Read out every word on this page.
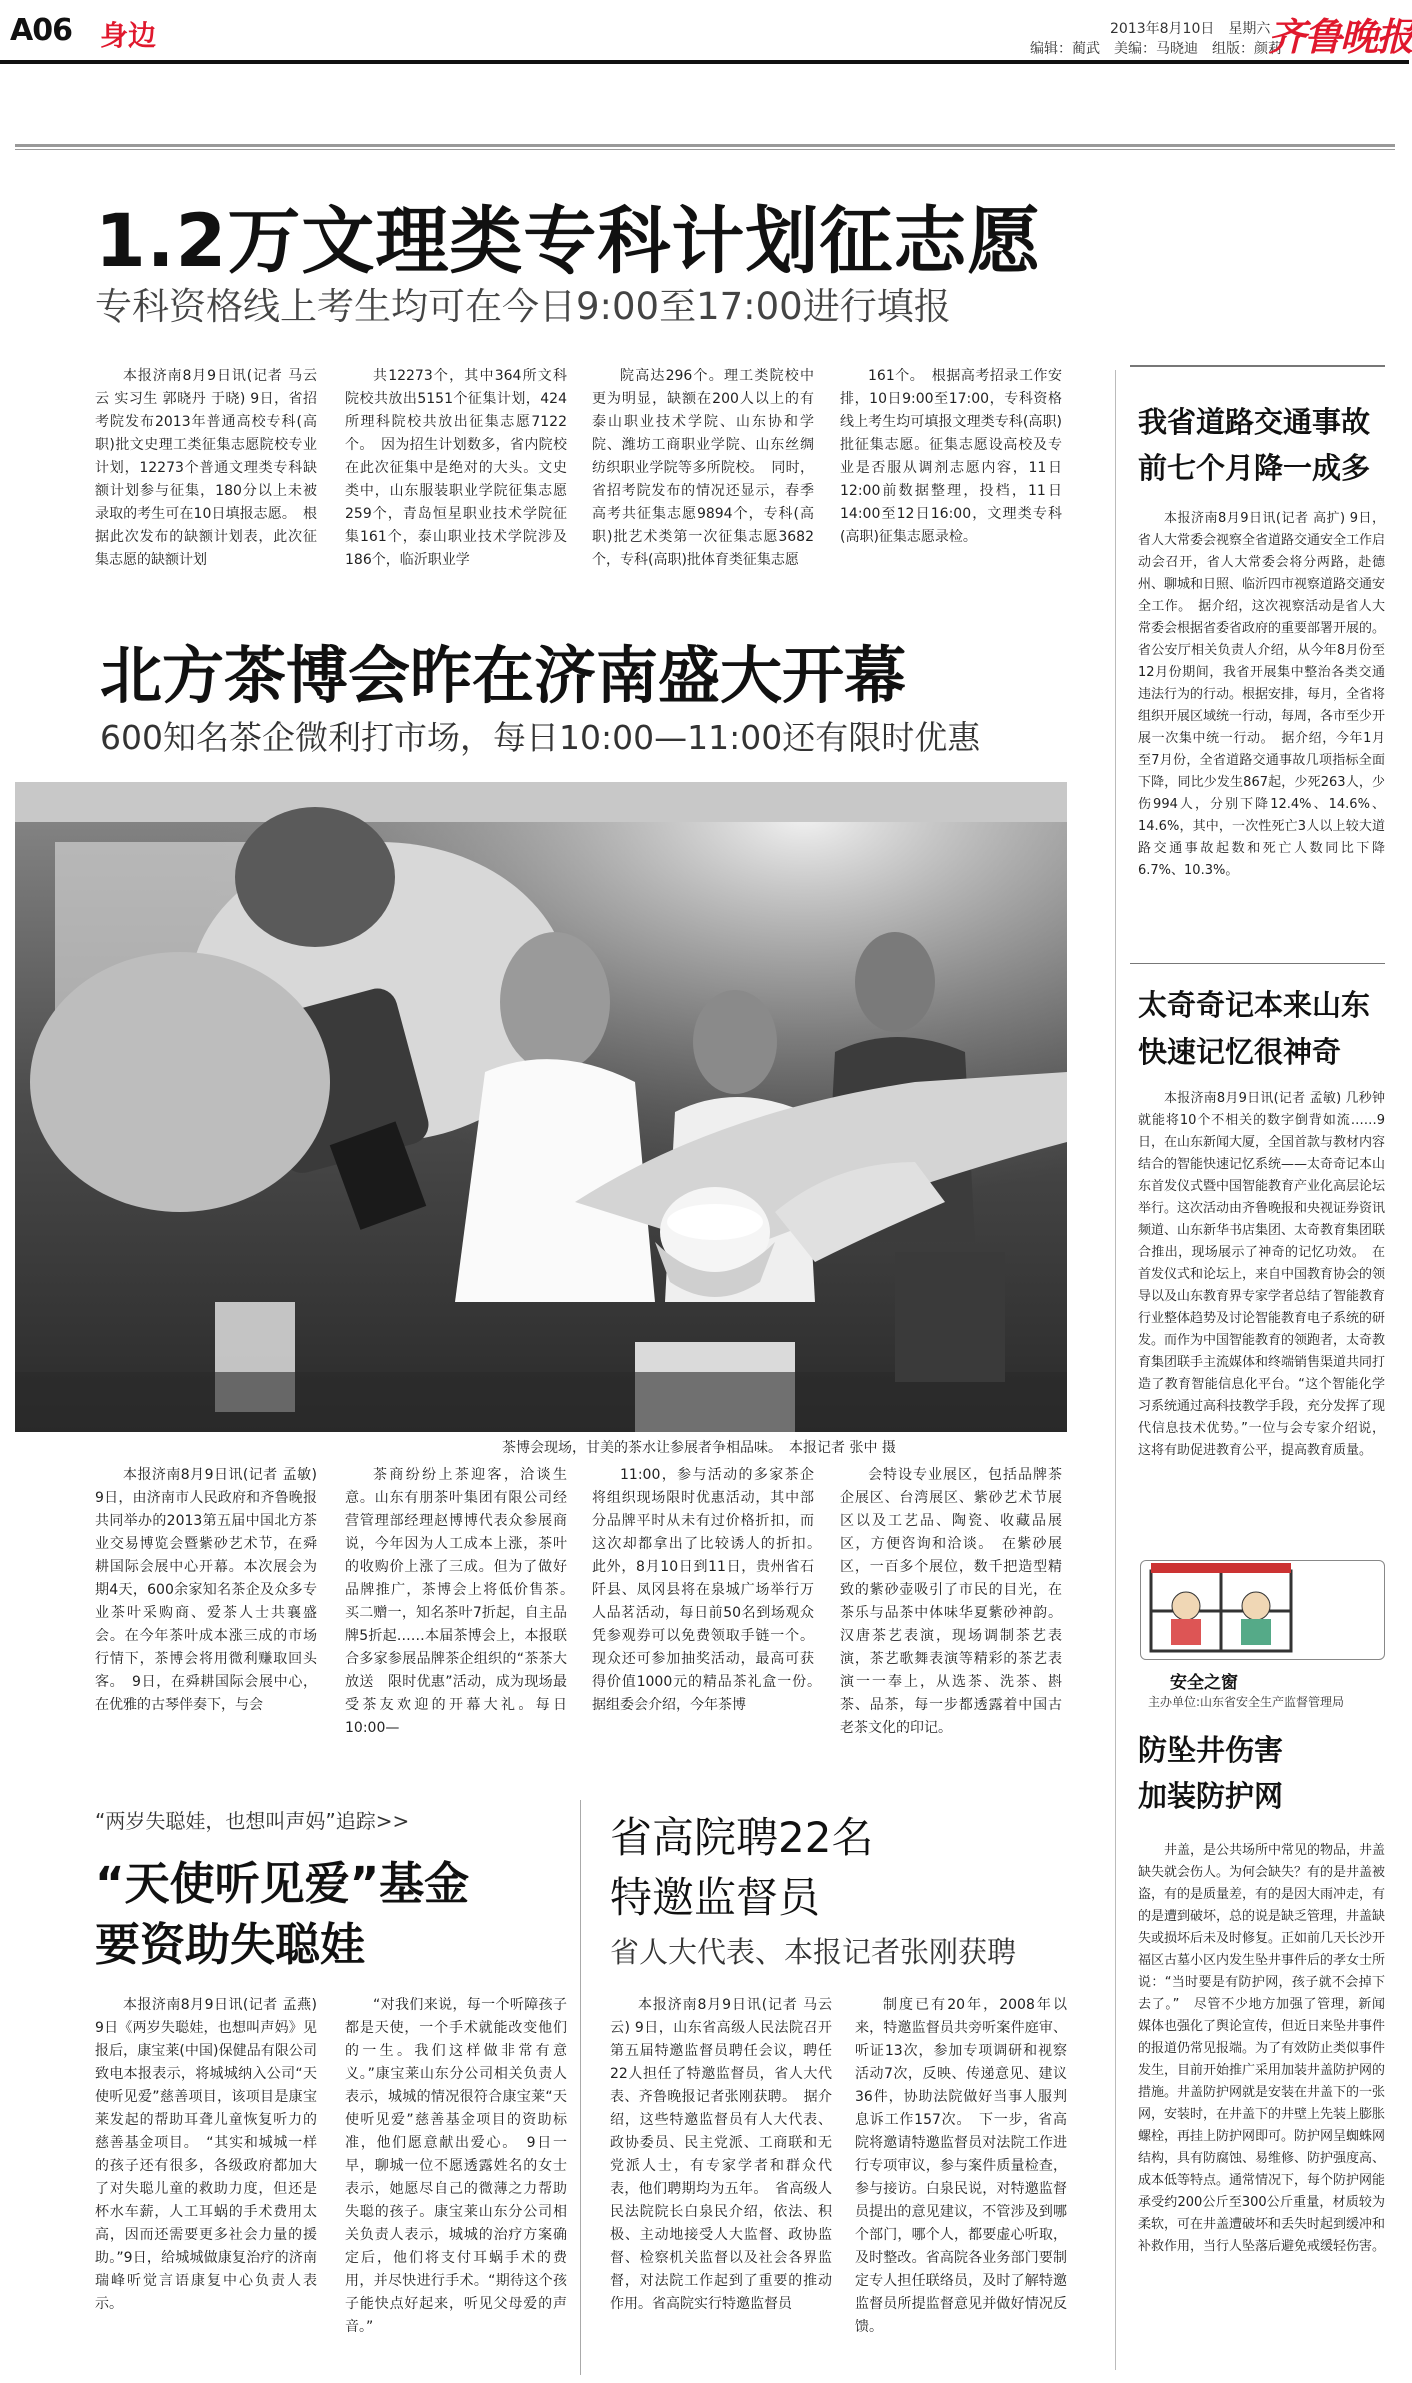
A06 身边	2013年8月10日　 星期六
编辑：蔺武　美编：马晓迪　组版：颜莉
齐鲁晚报
1.2万文理类专科计划征志愿
专科资格线上考生均可在今日9:00至17:00进行填报
本报济南8月9日讯(记者 马云云 实习生 郭晓丹 于晓) 9日，省招考院发布2013年普通高校专科(高职)批文史理工类征集志愿院校专业计划，12273个普通文理类专科缺额计划参与征集，180分以上未被录取的考生可在10日填报志愿。　根据此次发布的缺额计划表，此次征集志愿的缺额计划
共12273个，其中364所文科院校共放出5151个征集计划，424所理科院校共放出征集志愿7122个。　因为招生计划数多，省内院校在此次征集中是绝对的大头。文史类中，山东服装职业学院征集志愿259个，青岛恒星职业技术学院征集161个，泰山职业技术学院涉及186个，临沂职业学
院高达296个。理工类院校中更为明显，缺额在200人以上的有泰山职业技术学院、山东协和学院、潍坊工商职业学院、山东丝绸纺织职业学院等多所院校。　同时，省招考院发布的情况还显示，春季高考共征集志愿9894个，专科(高职)批艺术类第一次征集志愿3682个，专科(高职)批体育类征集志愿
161个。　根据高考招录工作安排，10日9:00至17:00，专科资格线上考生均可填报文理类专科(高职)批征集志愿。征集志愿设高校及专业是否服从调剂志愿内容，11日12:00前数据整理，投档，11日14:00至12日16:00，文理类专科(高职)征集志愿录检。
北方茶博会昨在济南盛大开幕
600知名茶企微利打市场，每日10:00—11:00还有限时优惠
茶博会现场，甘美的茶水让参展者争相品味。　本报记者 张中 摄
本报济南8月9日讯(记者 孟敏) 9日，由济南市人民政府和齐鲁晚报共同举办的2013第五届中国北方茶业交易博览会暨紫砂艺术节，在舜耕国际会展中心开幕。本次展会为期4天，600余家知名茶企及众多专业茶叶采购商、爱茶人士共襄盛会。在今年茶叶成本涨三成的市场行情下，茶博会将用微利赚取回头客。　9日，在舜耕国际会展中心，在优雅的古琴伴奏下，与会
茶商纷纷上茶迎客，洽谈生意。山东有朋茶叶集团有限公司经营管理部经理赵博博代表众参展商说，今年因为人工成本上涨，茶叶的收购价上涨了三成。但为了做好品牌推广，茶博会上将低价售茶。　买二赠一，知名茶叶7折起，自主品牌5折起……本届茶博会上，本报联合多家参展品牌茶企组织的“茶茶大放送　限时优惠”活动，成为现场最受茶友欢迎的开幕大礼。每日10:00—
11:00，参与活动的多家茶企将组织现场限时优惠活动，其中部分品牌平时从未有过价格折扣，而这次却都拿出了比较诱人的折扣。　此外，8月10日到11日，贵州省石阡县、凤冈县将在泉城广场举行万人品茗活动，每日前50名到场观众凭参观券可以免费领取手链一个。现众还可参加抽奖活动，最高可获得价值1000元的精品茶礼盒一份。　据组委会介绍，今年茶博
会特设专业展区，包括品牌茶企展区、台湾展区、紫砂艺术节展区以及工艺品、陶瓷、收藏品展区，方便咨询和洽谈。　在紫砂展区，一百多个展位，数千把造型精致的紫砂壶吸引了市民的目光，在茶乐与品茶中体味华夏紫砂神韵。汉唐茶艺表演，现场调制茶艺表演，茶艺歌舞表演等精彩的茶艺表演一一奉上，从选茶、洗茶、斟茶、品茶，每一步都透露着中国古老茶文化的印记。
“两岁失聪娃，也想叫声妈”追踪>>
“天使听见爱”基金
要资助失聪娃
本报济南8月9日讯(记者 孟燕) 9日《两岁失聪娃，也想叫声妈》见报后，康宝莱(中国)保健品有限公司致电本报表示，将城城纳入公司“天使听见爱”慈善项目，该项目是康宝莱发起的帮助耳聋儿童恢复听力的慈善基金项目。　“其实和城城一样的孩子还有很多，各级政府都加大了对失聪儿童的救助力度，但还是杯水车薪，人工耳蜗的手术费用太高，因而还需要更多社会力量的援助。”9日，给城城做康复治疗的济南瑞峰听觉言语康复中心负责人表示。
“对我们来说，每一个听障孩子都是天使，一个手术就能改变他们的一生。我们这样做非常有意义。”康宝莱山东分公司相关负责人表示，城城的情况很符合康宝莱“天使听见爱”慈善基金项目的资助标准，他们愿意献出爱心。　9日一早，聊城一位不愿透露姓名的女士表示，她愿尽自己的微薄之力帮助失聪的孩子。康宝莱山东分公司相关负责人表示，城城的治疗方案确定后，他们将支付耳蜗手术的费用，并尽快进行手术。“期待这个孩子能快点好起来，听见父母爱的声音。”
省高院聘22名
特邀监督员
省人大代表、本报记者张刚获聘
本报济南8月9日讯(记者 马云云) 9日，山东省高级人民法院召开第五届特邀监督员聘任会议，聘任22人担任了特邀监督员，省人大代表、齐鲁晚报记者张刚获聘。　据介绍，这些特邀监督员有人大代表、政协委员、民主党派、工商联和无党派人士，有专家学者和群众代表，他们聘期均为五年。　省高级人民法院院长白泉民介绍，依法、积极、主动地接受人大监督、政协监督、检察机关监督以及社会各界监督，对法院工作起到了重要的推动作用。省高院实行特邀监督员
制度已有20年，2008年以来，特邀监督员共旁听案件庭审、听证13次，参加专项调研和视察活动7次，反映、传递意见、建议36件，协助法院做好当事人服判息诉工作157次。　下一步，省高院将邀请特邀监督员对法院工作进行专项审议，参与案件质量检查，参与接访。白泉民说，对特邀监督员提出的意见建议，不管涉及到哪个部门，哪个人，都要虚心听取，及时整改。省高院各业务部门要制定专人担任联络员，及时了解特邀监督员所提监督意见并做好情况反馈。
我省道路交通事故
前七个月降一成多
本报济南8月9日讯(记者 高扩) 9日，省人大常委会视察全省道路交通安全工作启动会召开，省人大常委会将分两路，赴德州、聊城和日照、临沂四市视察道路交通安全工作。　据介绍，这次视察活动是省人大常委会根据省委省政府的重要部署开展的。省公安厅相关负责人介绍，从今年8月份至12月份期间，我省开展集中整治各类交通违法行为的行动。根据安排，每月，全省将组织开展区域统一行动，每周，各市至少开展一次集中统一行动。　据介绍，今年1月至7月份，全省道路交通事故几项指标全面下降，同比少发生867起，少死263人，少伤994人，分别下降12.4%、14.6%、14.6%，其中，一次性死亡3人以上较大道路交通事故起数和死亡人数同比下降6.7%、10.3%。
太奇奇记本来山东
快速记忆很神奇
本报济南8月9日讯(记者 孟敏) 几秒钟就能将10个不相关的数字倒背如流……9日，在山东新闻大厦，全国首款与教材内容结合的智能快速记忆系统——太奇奇记本山东首发仪式暨中国智能教育产业化高层论坛举行。这次活动由齐鲁晚报和央视证券资讯频道、山东新华书店集团、太奇教育集团联合推出，现场展示了神奇的记忆功效。　在首发仪式和论坛上，来自中国教育协会的领导以及山东教育界专家学者总结了智能教育行业整体趋势及讨论智能教育电子系统的研发。而作为中国智能教育的领跑者，太奇教育集团联手主流媒体和终端销售渠道共同打造了教育智能信息化平台。“这个智能化学习系统通过高科技教学手段，充分发挥了现代信息技术优势。”一位与会专家介绍说，这将有助促进教育公平，提高教育质量。
安全之窗
主办单位:山东省安全生产监督管理局
防坠井伤害
加装防护网
井盖，是公共场所中常见的物品，井盖缺失就会伤人。为何会缺失？有的是井盖被盗，有的是质量差，有的是因大雨冲走，有的是遭到破坏，总的说是缺乏管理，井盖缺失或损坏后未及时修复。正如前几天长沙开福区古墓小区内发生坠井事件后的孝女士所说：“当时要是有防护网，孩子就不会掉下去了。”　尽管不少地方加强了管理，新闻媒体也强化了舆论宣传，但近日来坠井事件的报道仍常见报端。为了有效防止类似事件发生，目前开始推广采用加装井盖防护网的措施。井盖防护网就是安装在井盖下的一张网，安装时，在井盖下的井壁上先装上膨胀螺栓，再挂上防护网即可。防护网呈蜘蛛网结构，具有防腐蚀、易维修、防护强度高、成本低等特点。通常情况下，每个防护网能承受约200公斤至300公斤重量，材质较为柔软，可在井盖遭破坏和丢失时起到缓冲和补救作用，当行人坠落后避免戒缓轻伤害。
